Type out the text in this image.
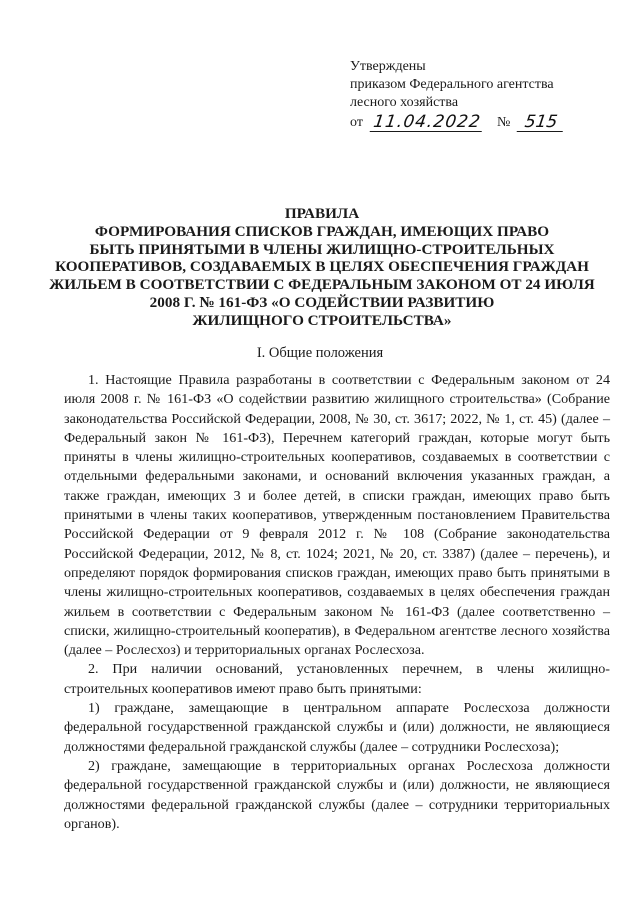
Утверждены
приказом Федерального агентства
лесного хозяйства
от 11.04.2022 № 515
ПРАВИЛА
ФОРМИРОВАНИЯ СПИСКОВ ГРАЖДАН, ИМЕЮЩИХ ПРАВО
БЫТЬ ПРИНЯТЫМИ В ЧЛЕНЫ ЖИЛИЩНО-СТРОИТЕЛЬНЫХ
КООПЕРАТИВОВ, СОЗДАВАЕМЫХ В ЦЕЛЯХ ОБЕСПЕЧЕНИЯ ГРАЖДАН
ЖИЛЬЕМ В СООТВЕТСТВИИ С ФЕДЕРАЛЬНЫМ ЗАКОНОМ ОТ 24 ИЮЛЯ
2008 Г. № 161-ФЗ «О СОДЕЙСТВИИ РАЗВИТИЮ
ЖИЛИЩНОГО СТРОИТЕЛЬСТВА»
I. Общие положения

1. Настоящие Правила разработаны в соответствии с Федеральным законом от 24 июля 2008 г. № 161-ФЗ «О содействии развитию жилищного строительства» (Собрание законодательства Российской Федерации, 2008, № 30, ст. 3617; 2022, № 1, ст. 45) (далее – Федеральный закон № 161-ФЗ), Перечнем категорий граждан, которые могут быть приняты в члены жилищно-строительных кооперативов, создаваемых в соответствии с отдельными федеральными законами, и оснований включения указанных граждан, а также граждан, имеющих 3 и более детей, в списки граждан, имеющих право быть принятыми в члены таких кооперативов, утвержденным постановлением Правительства Российской Федерации от 9 февраля 2012 г. № 108 (Собрание законодательства Российской Федерации, 2012, № 8, ст. 1024; 2021, № 20, ст. 3387) (далее – перечень), и определяют порядок формирования списков граждан, имеющих право быть принятыми в члены жилищно-строительных кооперативов, создаваемых в целях обеспечения граждан жильем в соответствии с Федеральным законом № 161-ФЗ (далее соответственно – списки, жилищно-строительный кооператив), в Федеральном агентстве лесного хозяйства (далее – Рослесхоз) и территориальных органах Рослесхоза.

2. При наличии оснований, установленных перечнем, в члены жилищно-строительных кооперативов имеют право быть принятыми:

1) граждане, замещающие в центральном аппарате Рослесхоза должности федеральной государственной гражданской службы и (или) должности, не являющиеся должностями федеральной гражданской службы (далее – сотрудники Рослесхоза);

2) граждане, замещающие в территориальных органах Рослесхоза должности федеральной государственной гражданской службы и (или) должности, не являющиеся должностями федеральной гражданской службы (далее – сотрудники территориальных органов).
